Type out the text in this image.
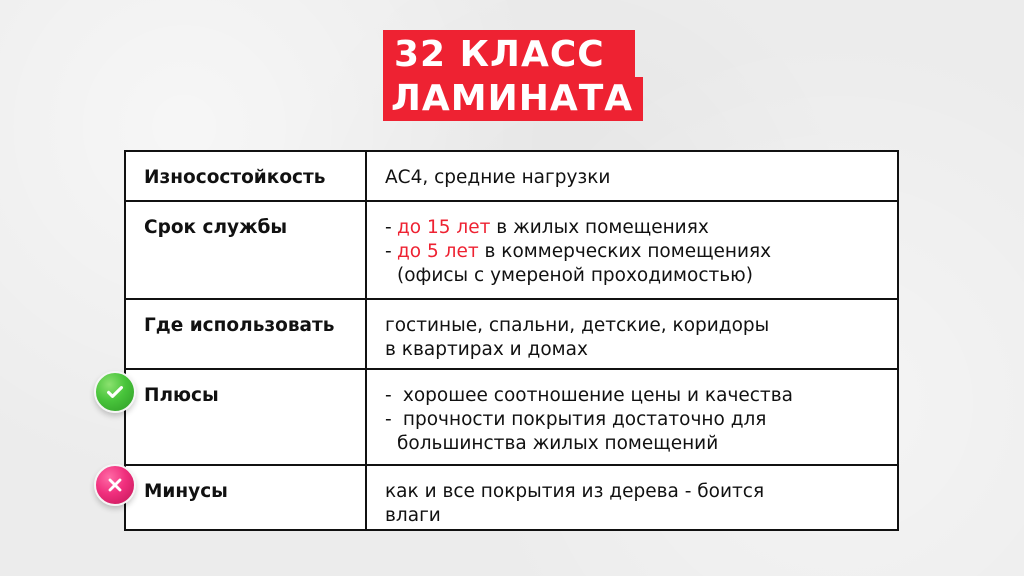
32 КЛАСС
ЛАМИНАТА
Износостойкость	АС4, средние нагрузки
Срок службы	- до 15 лет в жилых помещениях
- до 5 лет в коммерческих помещениях
(офисы с умереной проходимостью)
Где использовать	гостиные, спальни, детские, коридоры
в квартирах и домах
Плюсы	- хорошее соотношение цены и качества
- прочности покрытия достаточно для
большинства жилых помещений
Минусы	как и все покрытия из дерева - боится
влаги
